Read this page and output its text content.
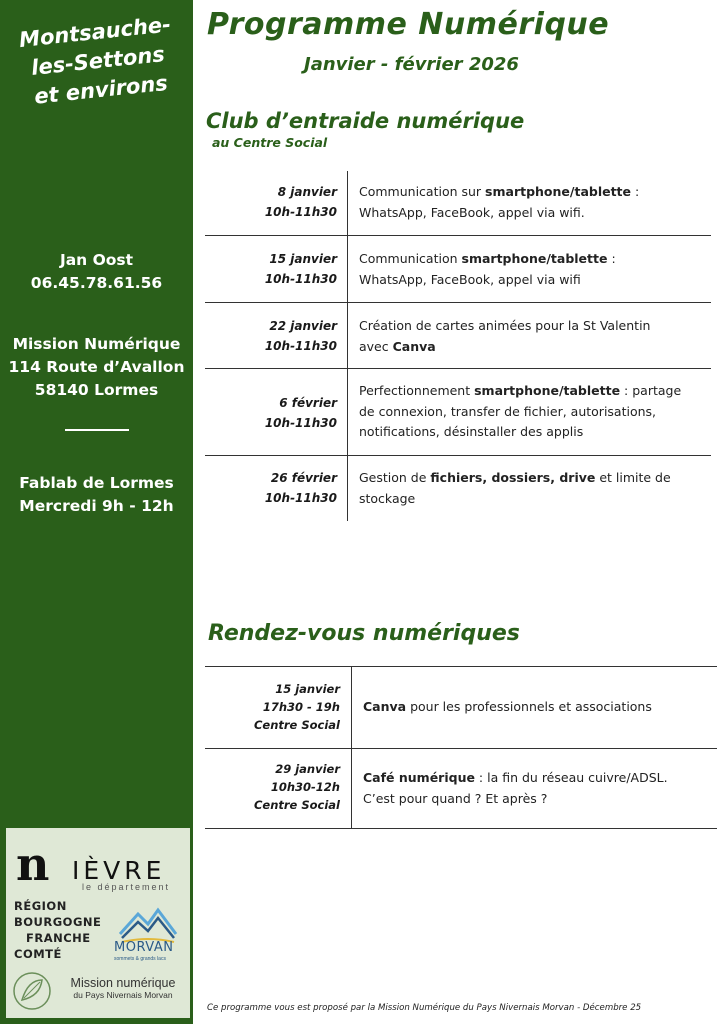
Montsauche-
les-Settons
et environs
Jan Oost
06.45.78.61.56
Mission Numérique
114 Route d’Avallon
58140 Lormes
Fablab de Lormes
Mercredi 9h - 12h
n IÈVRE
le département
RÉGION
BOURGOGNE
FRANCHE
COMTÉ	MORVAN
sommets & grands lacs
Mission numérique
du Pays Nivernais Morvan
Programme Numérique
Janvier - février 2026
Club d’entraide numérique
au Centre Social
8 janvier
10h-11h30
Communication sur smartphone/tablette :
WhatsApp, FaceBook, appel via wifi.
15 janvier
10h-11h30
Communication smartphone/tablette :
WhatsApp, FaceBook, appel via wifi
22 janvier
10h-11h30
Création de cartes animées pour la St Valentin
avec Canva
6 février
10h-11h30
Perfectionnement smartphone/tablette : partage
de connexion, transfer de fichier, autorisations,
notifications, désinstaller des applis
26 février
10h-11h30
Gestion de fichiers, dossiers, drive et limite de
stockage
Rendez-vous numériques
15 janvier
17h30 - 19h
Centre Social
Canva pour les professionnels et associations
29 janvier
10h30-12h
Centre Social
Café numérique : la fin du réseau cuivre/ADSL.
C’est pour quand ? Et après ?
Ce programme vous est proposé par la Mission Numérique du Pays Nivernais Morvan - Décembre 25
